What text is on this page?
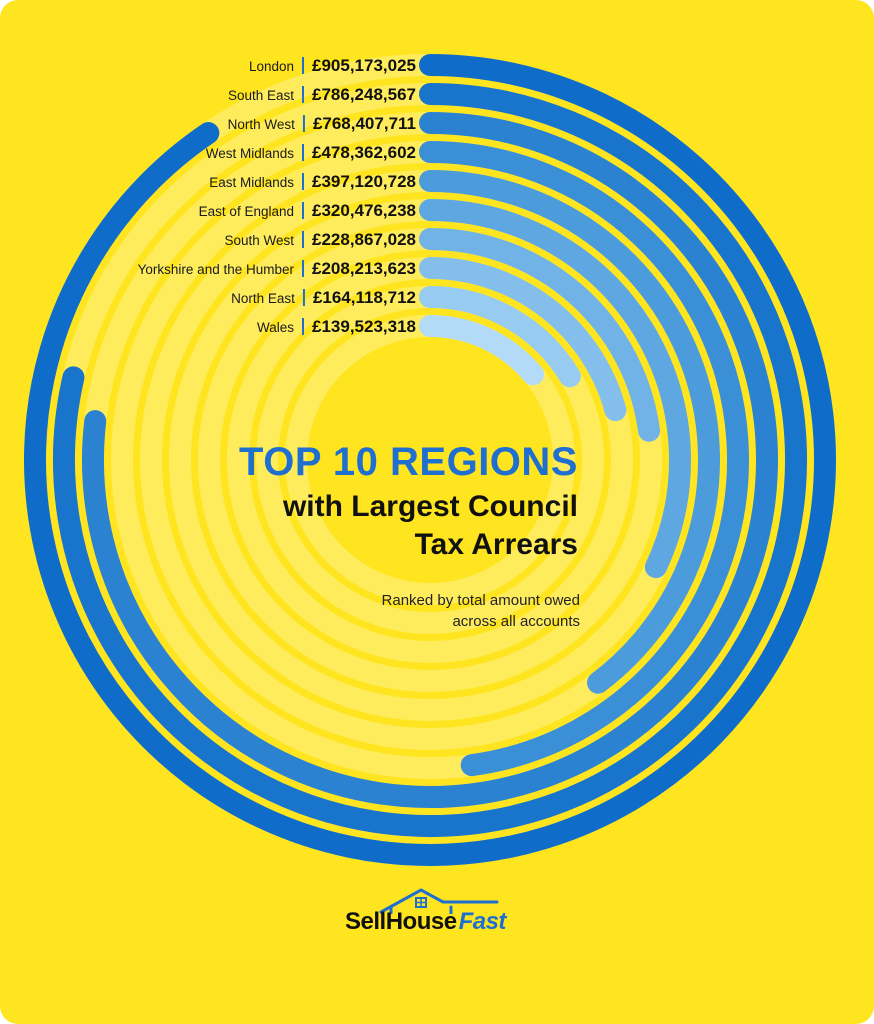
£905,173,025
London
£786,248,567
South East
£768,407,711
North West
£478,362,602
West Midlands
£397,120,728
East Midlands
£320,476,238
East of England
£228,867,028
South West
£208,213,623
Yorkshire and the Humber
£164,118,712
North East
£139,523,318
Wales
TOP 10 REGIONS
with Largest Council
Tax Arrears
Ranked by total amount owed
across all accounts
SellHouseFast
